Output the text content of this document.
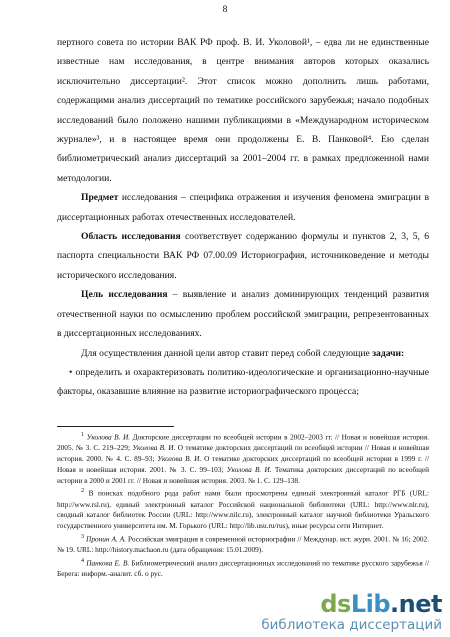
8

пертного совета по истории ВАК РФ проф. В. И. Уколовой¹, – едва ли не единственные известные нам исследования, в центре внимания авторов которых оказались исключительно диссертации². Этот список можно дополнить лишь работами, содержащими анализ диссертаций по тематике российского зарубежья; начало подобных исследований было положено нашими публикациями в «Международном историческом журнале»³, и в настоящее время они продолжены Е. В. Панковой⁴. Ею сделан библиометрический анализ диссертаций за 2001–2004 гг. в рамках предложенной нами методологии.

Предмет исследования – специфика отражения и изучения феномена эмиграции в диссертационных работах отечественных исследователей.

Область исследования соответствует содержанию формулы и пунктов 2, 3, 5, 6 паспорта специальности ВАК РФ 07.00.09 Историография, источниковедение и методы исторического исследования.

Цель исследования – выявление и анализ доминирующих тенденций развития отечественной науки по осмыслению проблем российской эмиграции, репрезентованных в диссертационных исследованиях.

Для осуществления данной цели автор ставит перед собой следующие задачи:

• определить и охарактеризовать политико-идеологические и организационно-научные факторы, оказавшие влияние на развитие историографического процесса;

$^1$ Уколова В. И. Докторские диссертации по всеобщей истории в 2002–2003 гг. // Новая и новейшая история. 2005. № 3. С. 219–229; Уколова В. И. О тематике докторских диссертаций по всеобщей истории // Новая и новейшая история. 2000. № 4. С. 89–93; Уколова В. И. О тематике докторских диссертаций по всеобщей истории в 1999 г. // Новая и новейшая история. 2001. № 3. С. 99–103; Уколова В. И. Тематика докторских диссертаций по всеобщей истории в 2000 и 2001 гг. // Новая и новейшая история. 2003. № 1. С. 129–138.

$^2$ В поисках подобного рода работ нами были просмотрены единый электронный каталог РГБ (URL: http://www.rsl.ru), единый электронный каталог Российской национальной библиотеки (URL: http://www.nlr.ru), сводный каталог библиотек России (URL: http://www.nilc.ru), электронный каталог научной библиотеки Уральского государственного университета им. М. Горького (URL: http://lib.usu.ru/rus), иные ресурсы сети Интернет.

$^3$ Пронин А. А. Российская эмиграция в современной историографии // Междунар. ист. журн. 2001. № 16; 2002. № 19. URL: http://history.machaon.ru (дата обращения: 15.01.2009).

$^4$ Панкова Е. В. Библиометрический анализ диссертационных исследований по тематике русского зарубежья // Берега: информ.-аналит. сб. о рус.

dsLib.net
библиотека диссертаций
